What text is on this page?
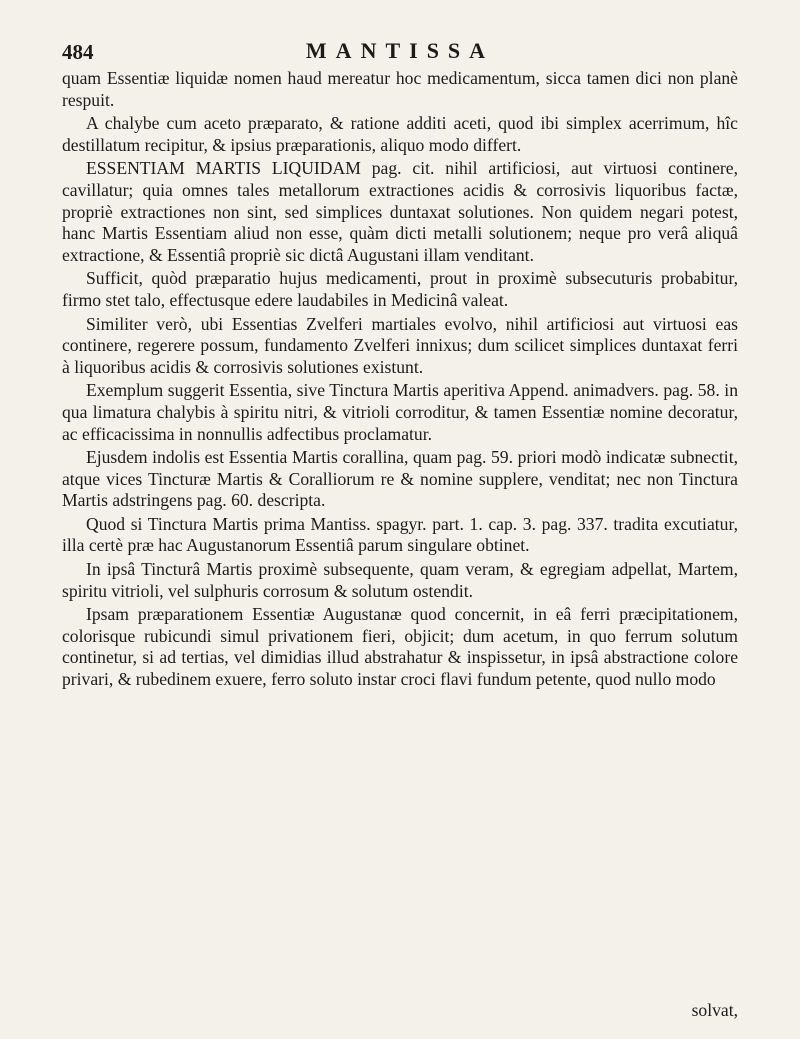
484	MANTISSA

quam Essentiæ liquidæ nomen haud mereatur hoc medicamentum, sicca tamen dici non planè respuit.

A chalybe cum aceto præparato, & ratione additi aceti, quod ibi simplex acerrimum, hîc destillatum recipitur, & ipsius præparationis, aliquo modo differt.

ESSENTIAM MARTIS LIQUIDAM pag. cit. nihil artificiosi, aut virtuosi continere, cavillatur; quia omnes tales metallorum extractiones acidis & corrosivis liquoribus factæ, propriè extractiones non sint, sed simplices duntaxat solutiones. Non quidem negari potest, hanc Martis Essentiam aliud non esse, quàm dicti metalli solutionem; neque pro verâ aliquâ extractione, & Essentiâ propriè sic dictâ Augustani illam venditant.

Sufficit, quòd præparatio hujus medicamenti, prout in proximè subsecuturis probabitur, firmo stet talo, effectusque edere laudabiles in Medicinâ valeat.

Similiter verò, ubi Essentias Zvelferi martiales evolvo, nihil artificiosi aut virtuosi eas continere, regerere possum, fundamento Zvelferi innixus; dum scilicet simplices duntaxat ferri à liquoribus acidis & corrosivis solutiones existunt.

Exemplum suggerit Essentia, sive Tinctura Martis aperitiva Append. animadvers. pag. 58. in qua limatura chalybis à spiritu nitri, & vitrioli corroditur, & tamen Essentiæ nomine decoratur, ac efficacissima in nonnullis adfectibus proclamatur.

Ejusdem indolis est Essentia Martis corallina, quam pag. 59. priori modò indicatæ subnectit, atque vices Tincturæ Martis & Coralliorum re & nomine supplere, venditat; nec non Tinctura Martis adstringens pag. 60. descripta.

Quod si Tinctura Martis prima Mantiss. spagyr. part. 1. cap. 3. pag. 337. tradita excutiatur, illa certè præ hac Augustanorum Essentiâ parum singulare obtinet.

In ipsâ Tincturâ Martis proximè subsequente, quam veram, & egregiam adpellat, Martem, spiritu vitrioli, vel sulphuris corrosum & solutum ostendit.

Ipsam præparationem Essentiæ Augustanæ quod concernit, in eâ ferri præcipitationem, colorisque rubicundi simul privationem fieri, objicit; dum acetum, in quo ferrum solutum continetur, si ad tertias, vel dimidias illud abstrahatur & inspissetur, in ipsâ abstractione colore privari, & rubedinem exuere, ferro soluto instar croci flavi fundum petente, quod nullo modo

solvat,
